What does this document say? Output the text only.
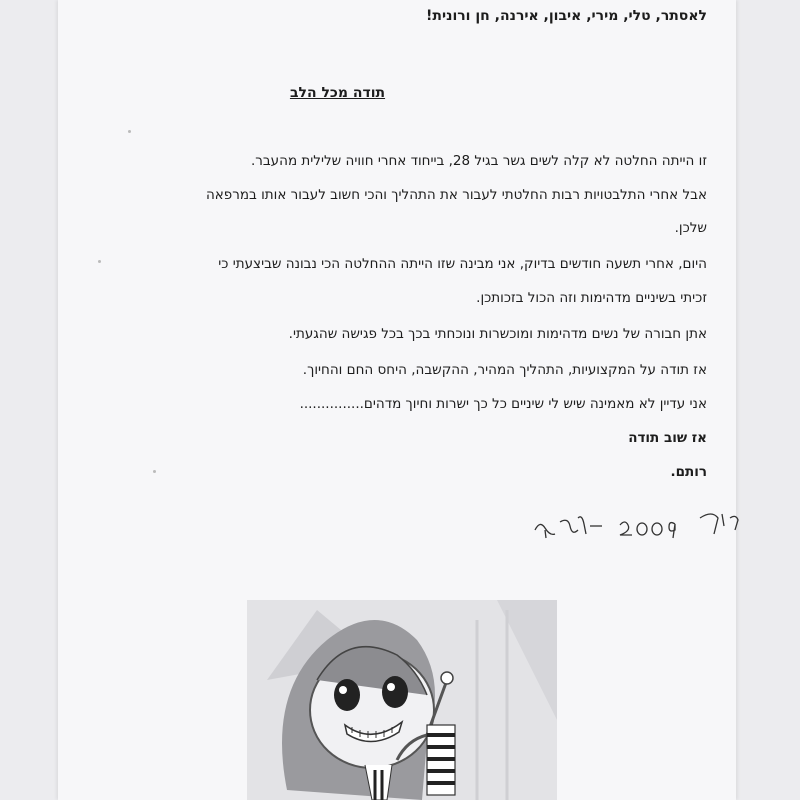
לאסתר, טלי, מירי, איבון, אירנה, חן ורונית!
תודה מכל הלב
זו הייתה החלטה לא קלה לשים גשר בגיל 28, בייחוד אחרי חוויה שלילית מהעבר.
אבל אחרי התלבטויות רבות החלטתי לעבור את התהליך והכי חשוב לעבור אותו במרפאה
שלכן.
היום, אחרי תשעה חודשים בדיוק, אני מבינה שזו הייתה ההחלטה הכי נבונה שביצעתי כי
זכיתי בשיניים מדהימות וזה הכול בזכותכן.
אתן חבורה של נשים מדהימות ומוכשרות ונוכחתי בכך בכל פגישה שהגעתי.
אז תודה על המקצועיות, התהליך המהיר, ההקשבה, היחס החם והחיוך.
אני עדיין לא מאמינה שיש לי שיניים כל כך ישרות וחיוך מדהים...............
אז שוב תודה
רותם.
